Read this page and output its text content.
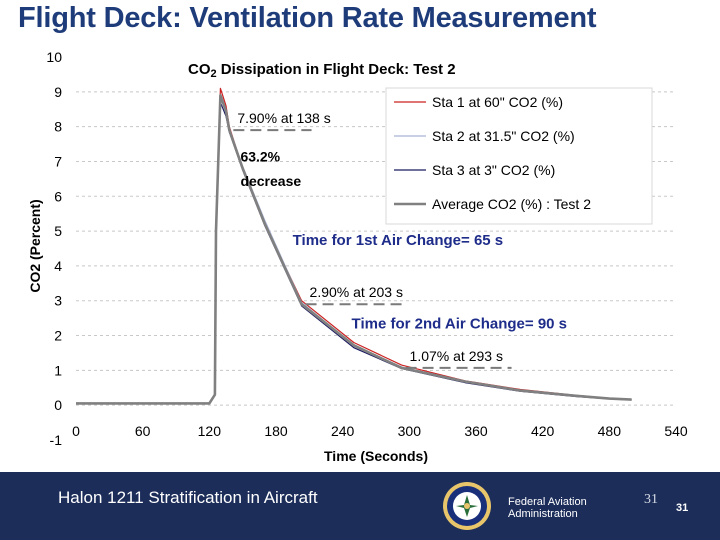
Flight Deck: Ventilation Rate Measurement
-1
0
1
2
3
4
5
6
7
8
9
10
0	60	120	180	240	300	360	420	480	540
7.90% at 138 s
63.2%
decrease
Time for 1st Air Change= 65 s
2.90% at 203 s
Time for 2nd Air Change= 90 s
1.07% at 293 s
$CO_2$ Dissipation in Flight Deck: Test 2
Sta 1 at 60" CO2 (%)
Sta 2 at 31.5" CO2 (%)
Sta 3 at 3" CO2 (%)
Average CO2 (%) : Test 2
Time (Seconds)
CO2 (Percent)
Halon 1211 Stratification in Aircraft	Federal Aviation
Administration
31
31
